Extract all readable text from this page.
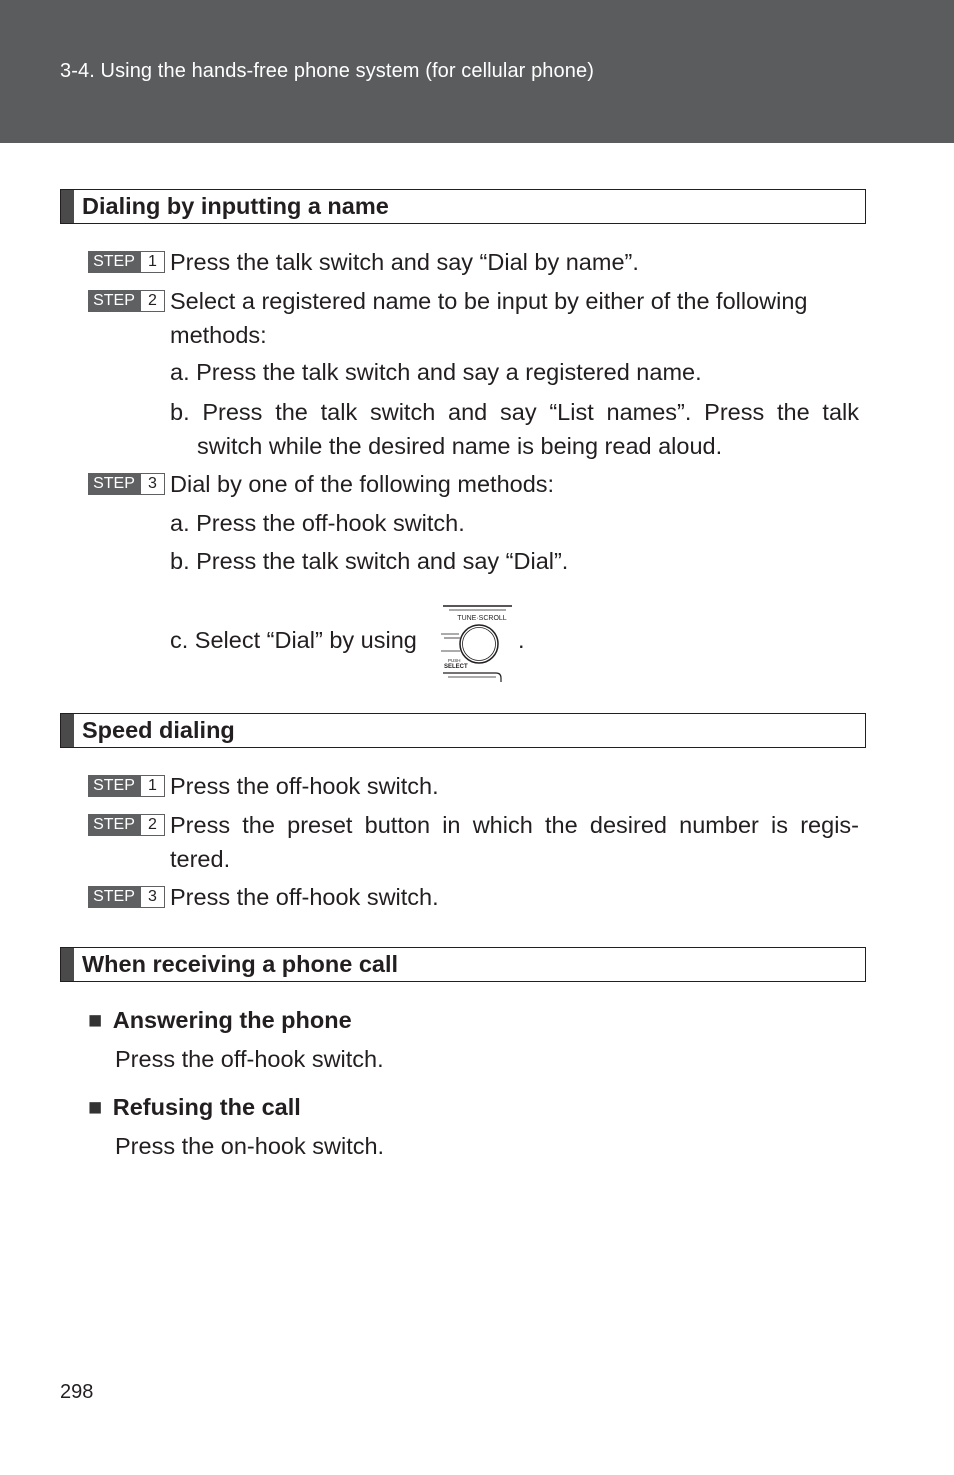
3-4. Using the hands-free phone system (for cellular phone)
Dialing by inputting a name
STEP 1 Press the talk switch and say “Dial by name”.
STEP 2 Select a registered name to be input by either of the following
methods:
a. Press the talk switch and say a registered name.
b. Press the talk switch and say “List names”. Press the talk
switch while the desired name is being read aloud.
STEP 3 Dial by one of the following methods:
a. Press the off-hook switch.
b. Press the talk switch and say “Dial”.
c. Select “Dial” by using
TUNE·SCROLL
PUSH
SELECT
.
Speed dialing
STEP 1 Press the off-hook switch.
STEP 2 Press the preset button in which the desired number is regis-
tered.
STEP 3 Press the off-hook switch.
When receiving a phone call
■ Answering the phone
Press the off-hook switch.
■ Refusing the call
Press the on-hook switch.
298
